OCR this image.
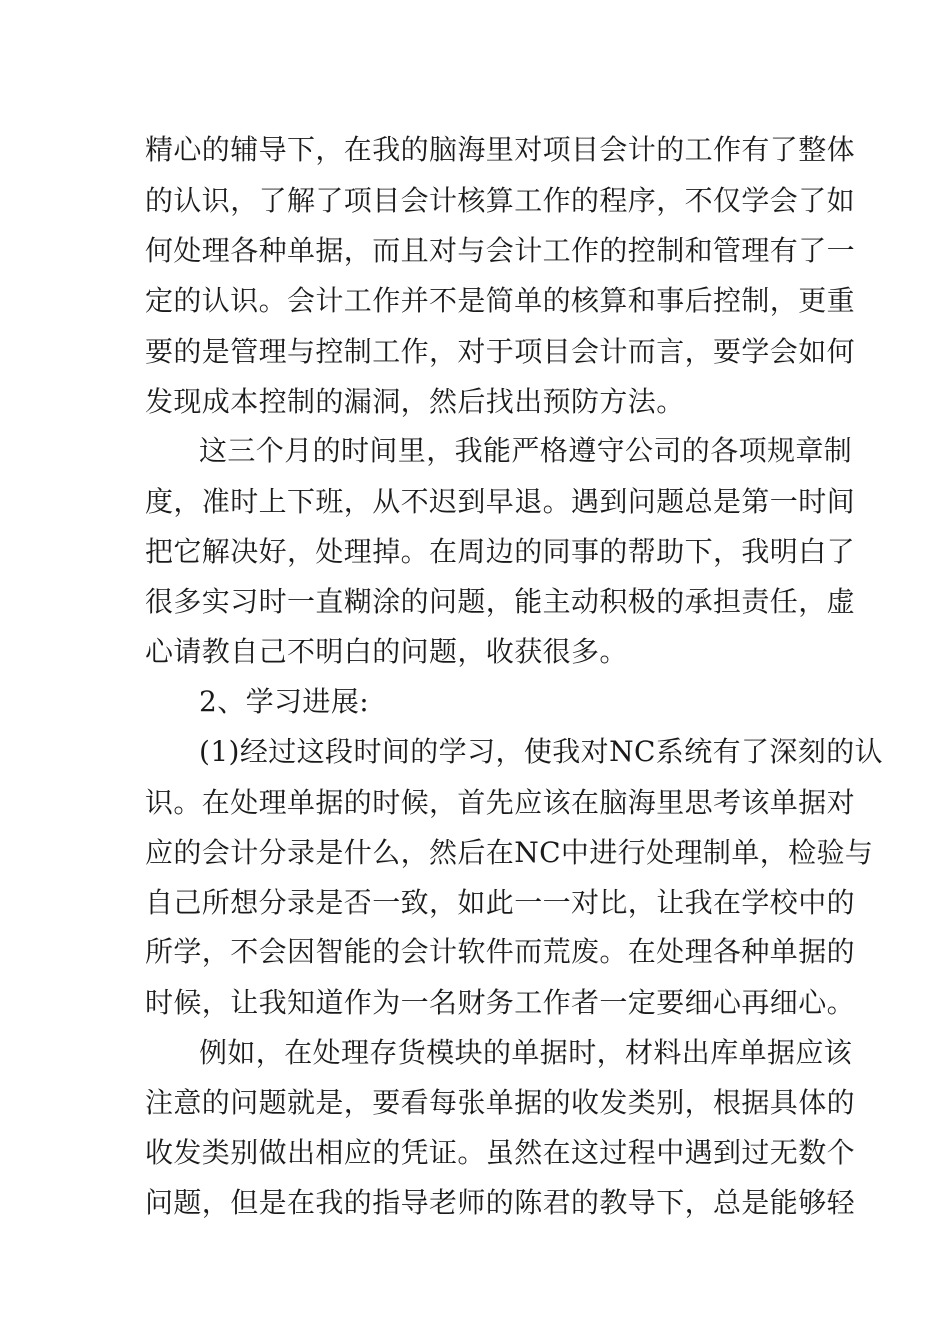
精心的辅导下，在我的脑海里对项目会计的工作有了整体
的认识，了解了项目会计核算工作的程序，不仅学会了如
何处理各种单据，而且对与会计工作的控制和管理有了一
定的认识。会计工作并不是简单的核算和事后控制，更重
要的是管理与控制工作，对于项目会计而言，要学会如何
发现成本控制的漏洞，然后找出预防方法。
这三个月的时间里，我能严格遵守公司的各项规章制
度，准时上下班，从不迟到早退。遇到问题总是第一时间
把它解决好，处理掉。在周边的同事的帮助下，我明白了
很多实习时一直糊涂的问题，能主动积极的承担责任，虚
心请教自己不明白的问题，收获很多。
2、学习进展:
(1)经过这段时间的学习，使我对NC系统有了深刻的认
识。在处理单据的时候，首先应该在脑海里思考该单据对
应的会计分录是什么，然后在NC中进行处理制单，检验与
自己所想分录是否一致，如此一一对比，让我在学校中的
所学，不会因智能的会计软件而荒废。在处理各种单据的
时候，让我知道作为一名财务工作者一定要细心再细心。
例如，在处理存货模块的单据时，材料出库单据应该
注意的问题就是，要看每张单据的收发类别，根据具体的
收发类别做出相应的凭证。虽然在这过程中遇到过无数个
问题，但是在我的指导老师的陈君的教导下，总是能够轻
